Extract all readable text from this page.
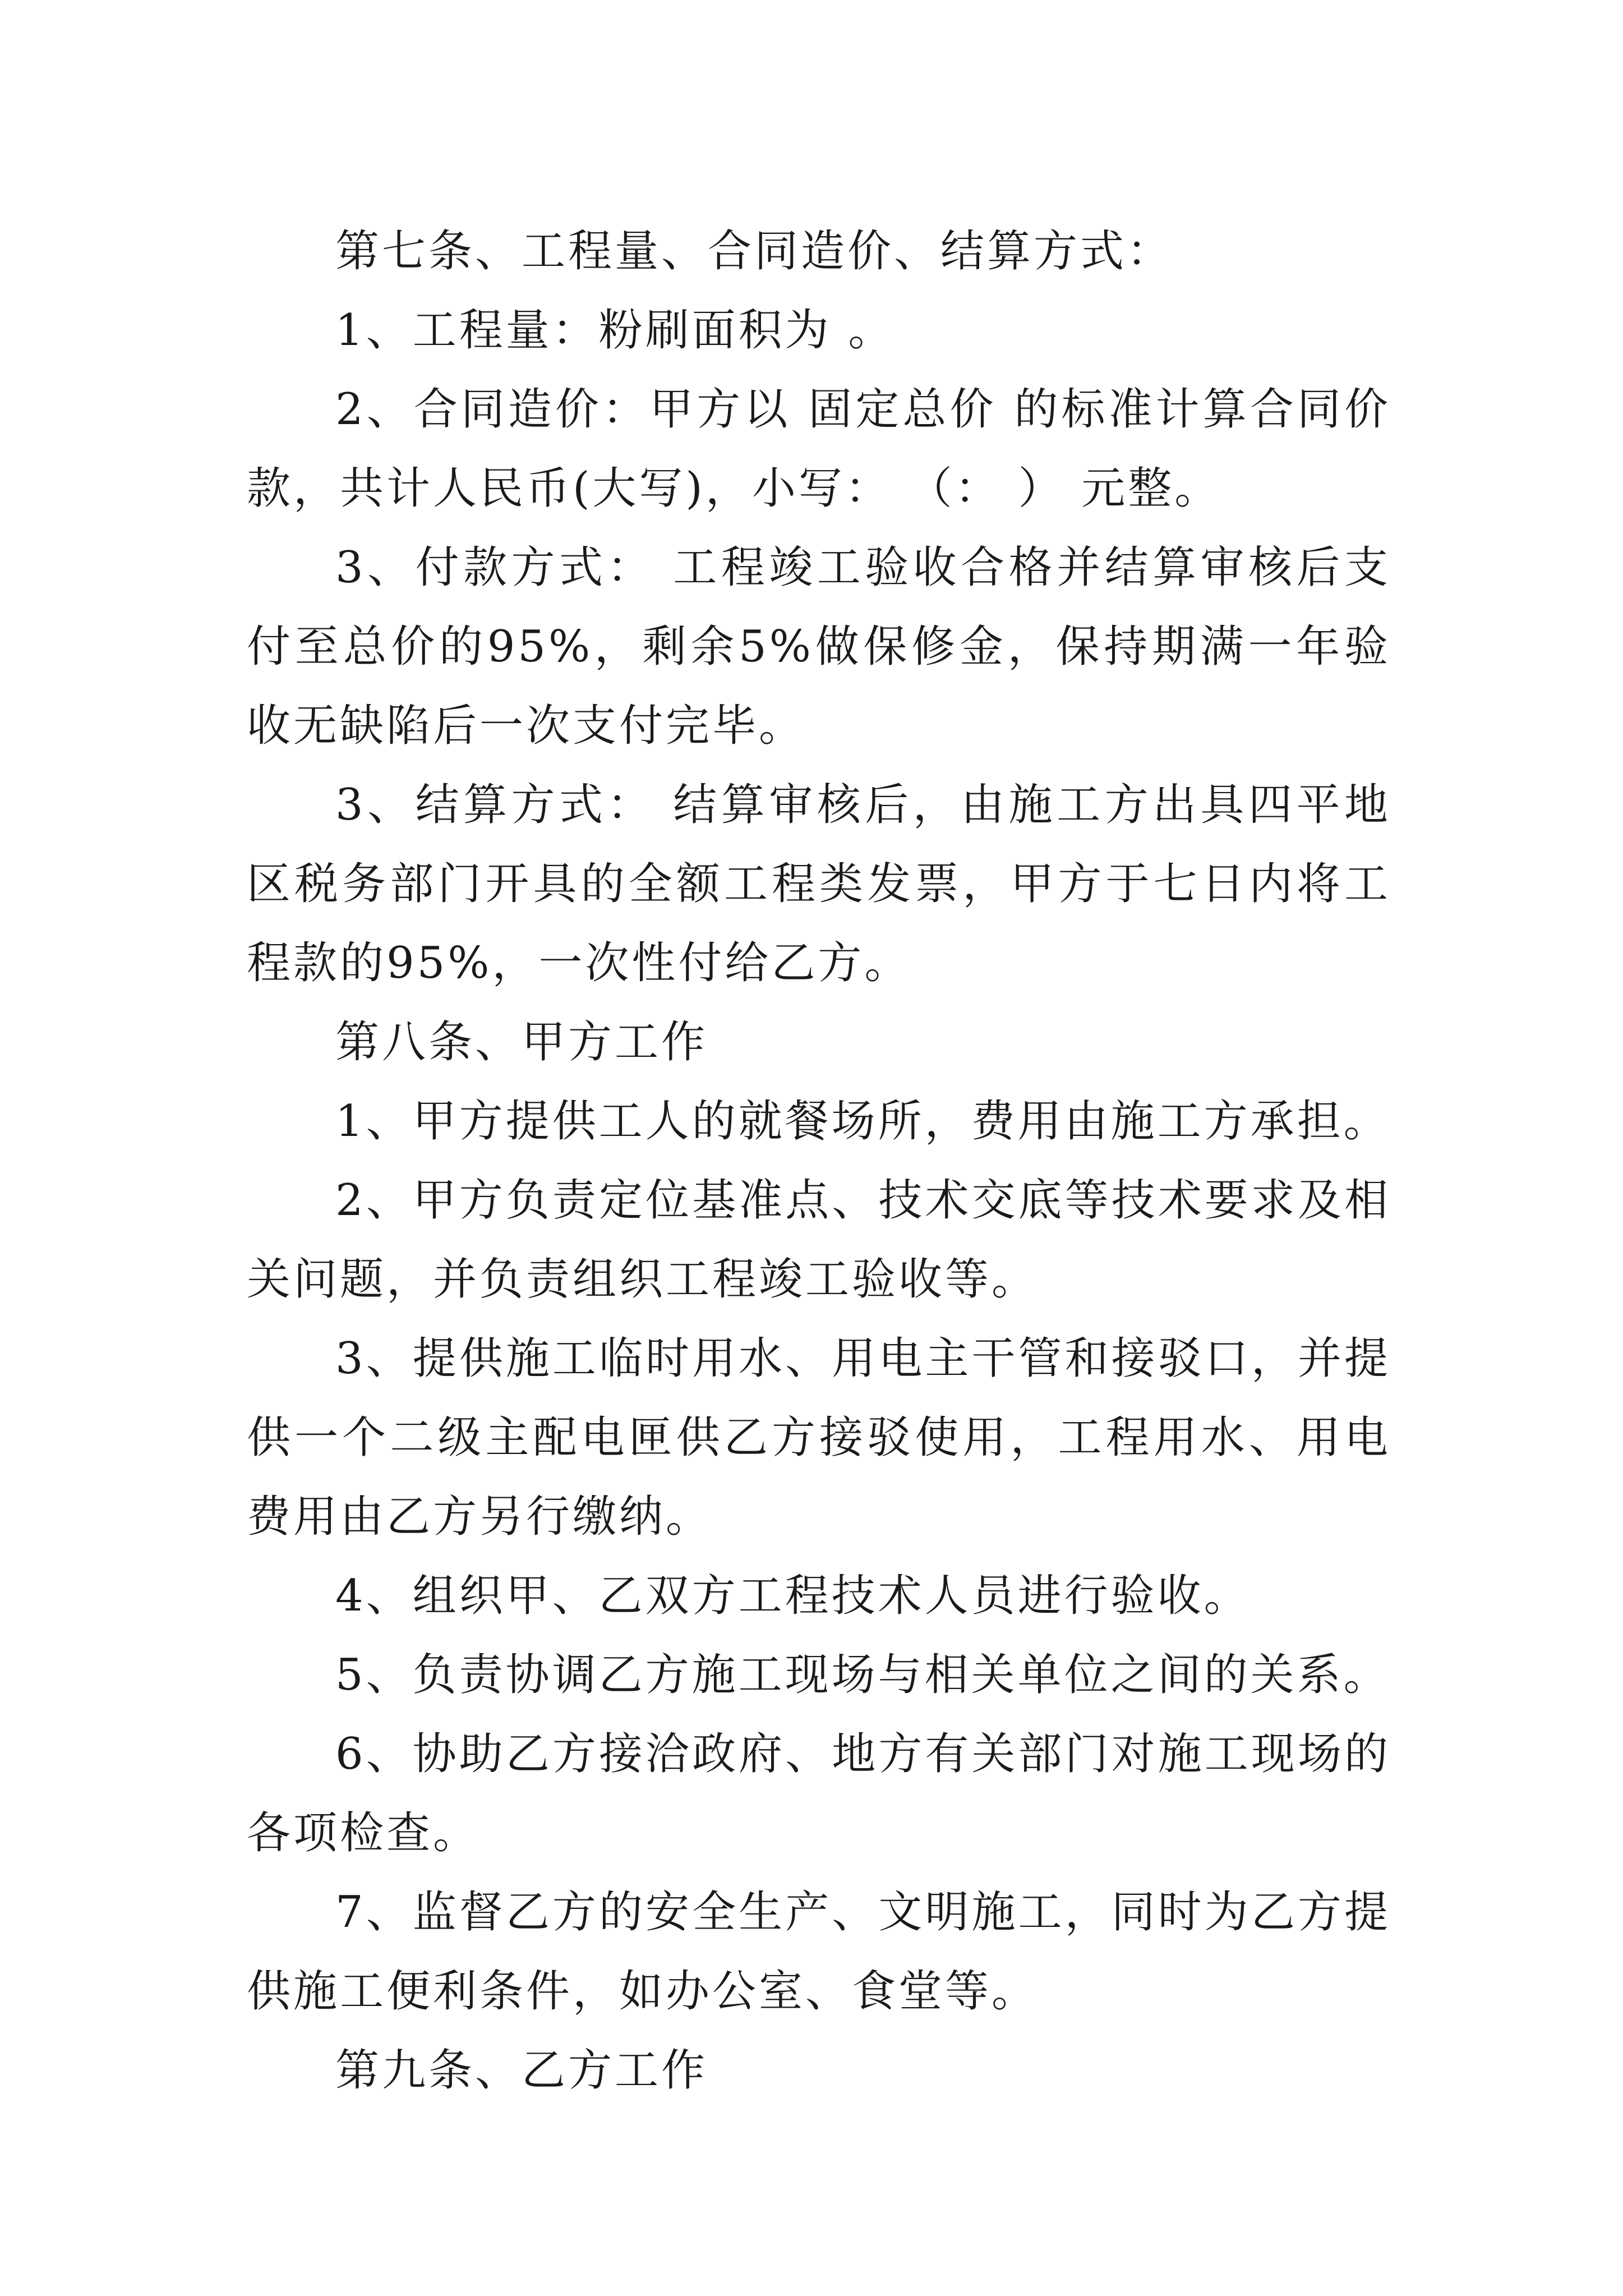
第七条、工程量、合同造价、结算方式：

1、工程量：粉刷面积为 。

2、合同造价：甲方以 固定总价 的标准计算合同价款，共计人民币(大写)，小写： （： ） 元整。

3、付款方式： 工程竣工验收合格并结算审核后支付至总价的95%，剩余5%做保修金，保持期满一年验收无缺陷后一次支付完毕。

3、结算方式： 结算审核后，由施工方出具四平地区税务部门开具的全额工程类发票，甲方于七日内将工程款的95%，一次性付给乙方。

第八条、甲方工作

1、甲方提供工人的就餐场所，费用由施工方承担。

2、甲方负责定位基准点、技术交底等技术要求及相关问题，并负责组织工程竣工验收等。

3、提供施工临时用水、用电主干管和接驳口，并提供一个二级主配电匣供乙方接驳使用，工程用水、用电费用由乙方另行缴纳。

4、组织甲、乙双方工程技术人员进行验收。

5、负责协调乙方施工现场与相关单位之间的关系。

6、协助乙方接洽政府、地方有关部门对施工现场的各项检查。

7、监督乙方的安全生产、文明施工，同时为乙方提供施工便利条件，如办公室、食堂等。

第九条、乙方工作
